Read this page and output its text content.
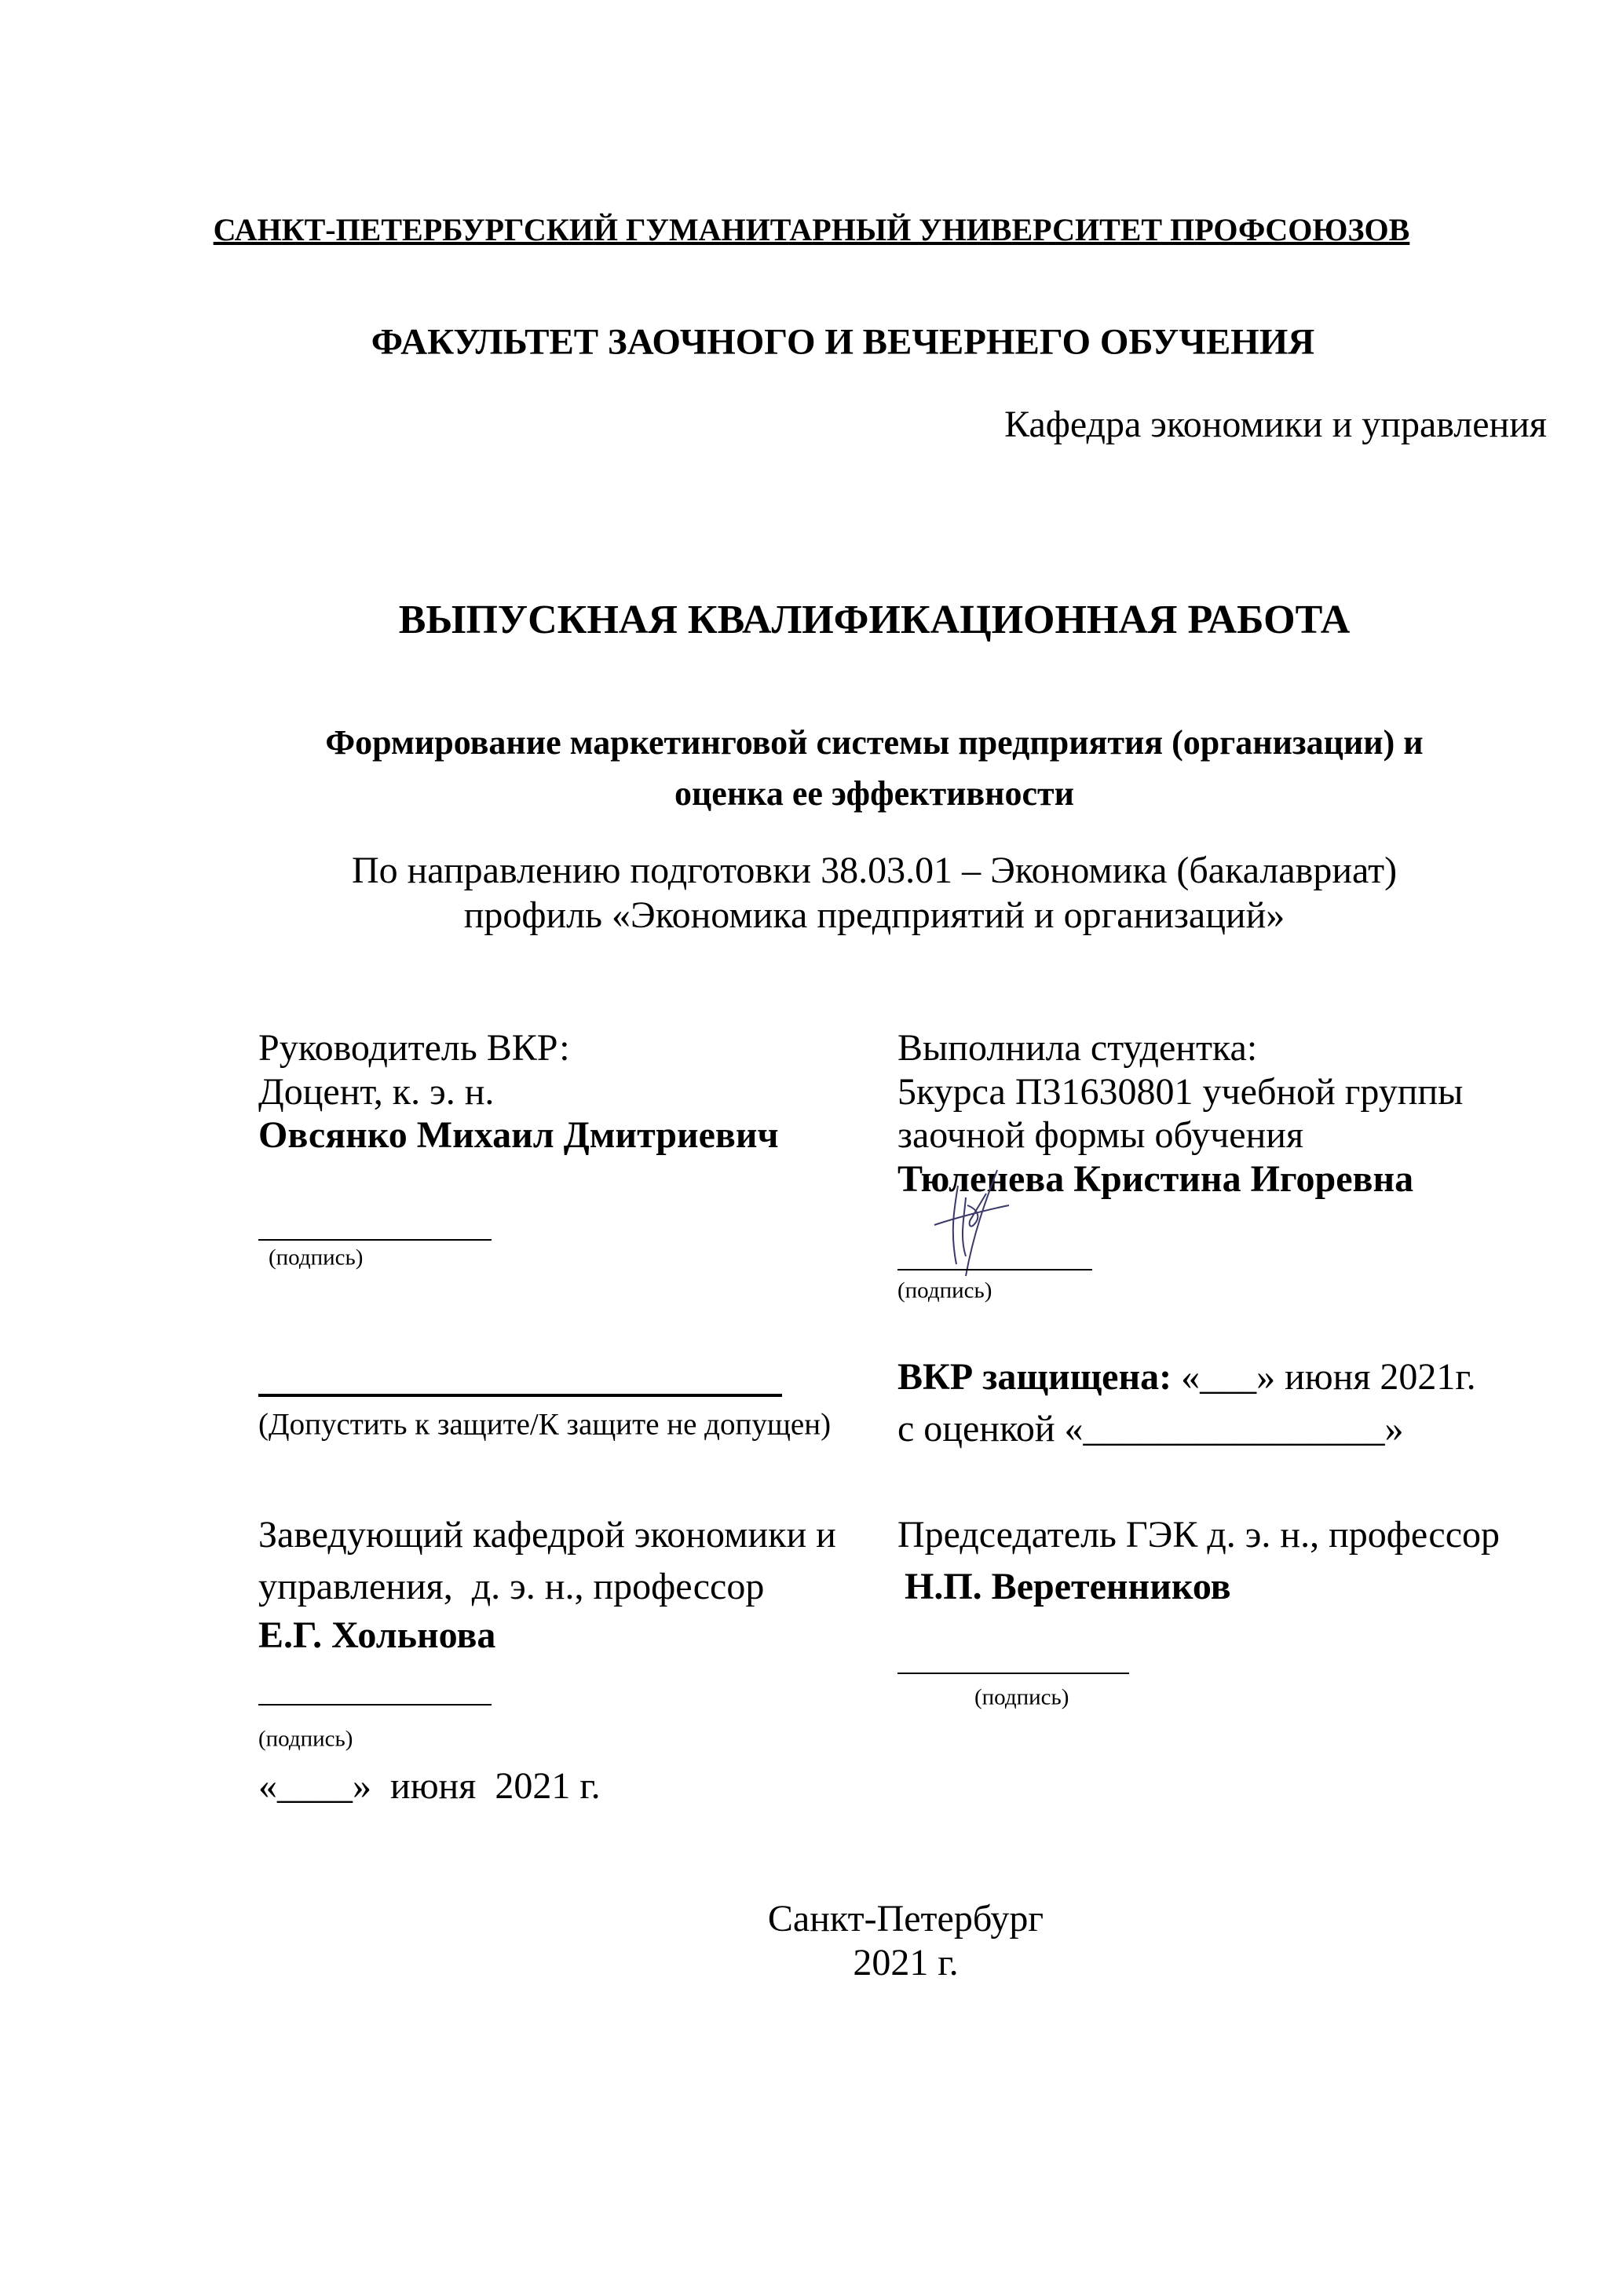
САНКТ-ПЕТЕРБУРГСКИЙ ГУМАНИТАРНЫЙ УНИВЕРСИТЕТ ПРОФСОЮЗОВ
ФАКУЛЬТЕТ ЗАОЧНОГО И ВЕЧЕРНЕГО ОБУЧЕНИЯ
Кафедра экономики и управления
ВЫПУСКНАЯ КВАЛИФИКАЦИОННАЯ РАБОТА
Формирование маркетинговой системы предприятия (организации) и
оценка ее эффективности
По направлению подготовки 38.03.01 – Экономика (бакалавриат)
профиль «Экономика предприятий и организаций»
Руководитель ВКР:
Доцент, к. э. н.
Овсянко Михаил Дмитриевич
(подпись)
(Допустить к защите/К защите не допущен)
Выполнила студентка:
5курса П31630801 учебной группы
заочной формы обучения
Тюленева Кристина Игоревна
(подпись)
ВКР защищена: «___» июня 2021г.
с оценкой «________________»
Заведующий кафедрой экономики и
управления,  д. э. н., профессор
Е.Г. Хольнова
(подпись)
«____»  июня  2021 г.
Председатель ГЭК д. э. н., профессор
Н.П. Веретенников
(подпись)
Санкт-Петербург
2021 г.
